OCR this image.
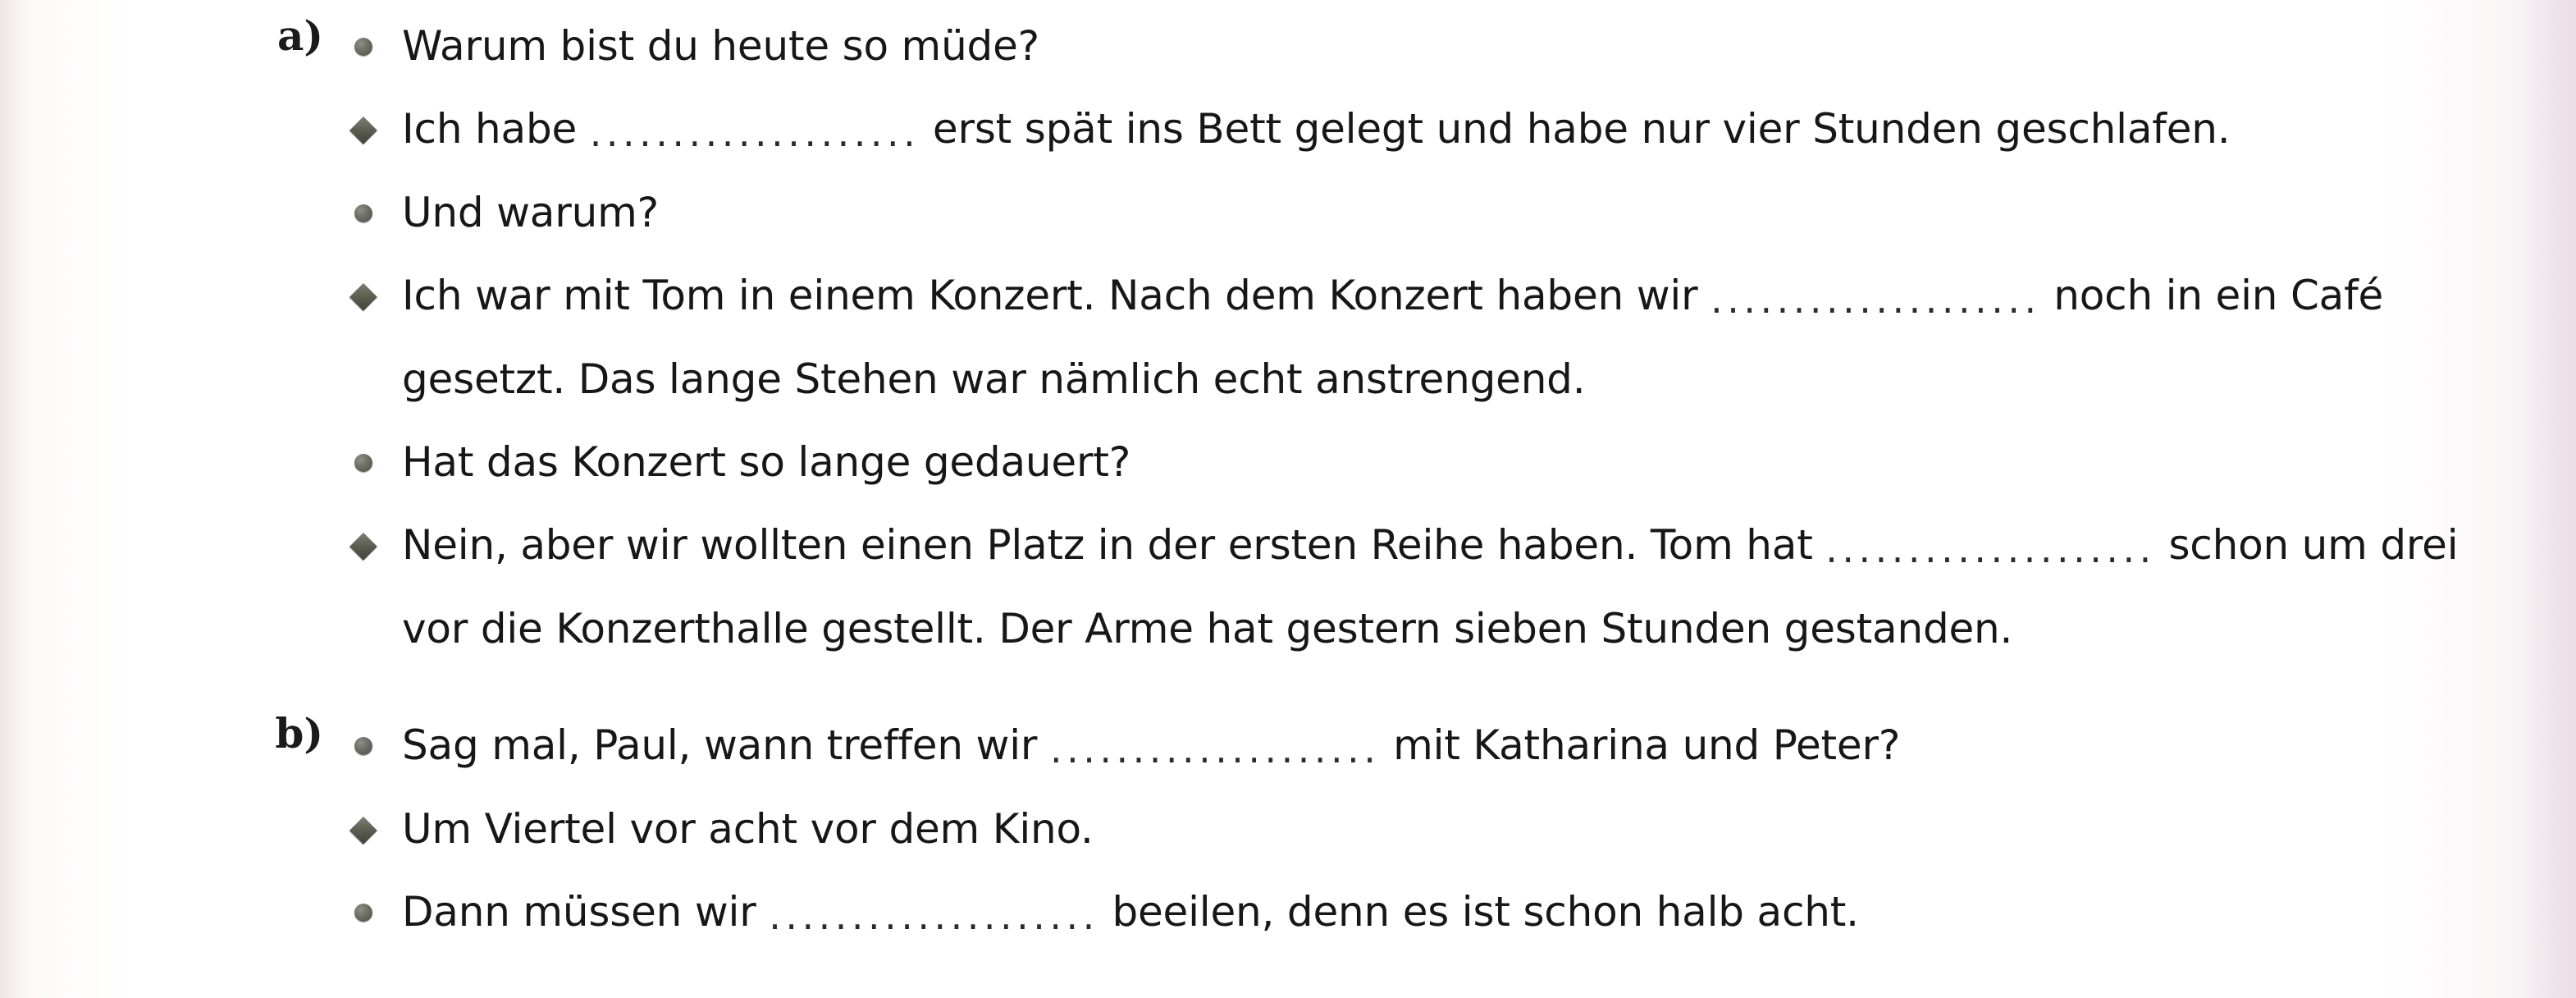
a)	Warum bist du heute so müde?
Ich habe .................... erst spät ins Bett gelegt und habe nur vier Stunden geschlafen.
Und warum?
Ich war mit Tom in einem Konzert. Nach dem Konzert haben wir .................... noch in ein Café gesetzt. Das lange Stehen war nämlich echt anstrengend.
Hat das Konzert so lange gedauert?
Nein, aber wir wollten einen Platz in der ersten Reihe haben. Tom hat .................... schon um drei vor die Konzerthalle gestellt. Der Arme hat gestern sieben Stunden gestanden.
b)	Sag mal, Paul, wann treffen wir .................... mit Katharina und Peter?
Um Viertel vor acht vor dem Kino.
Dann müssen wir .................... beeilen, denn es ist schon halb acht.
